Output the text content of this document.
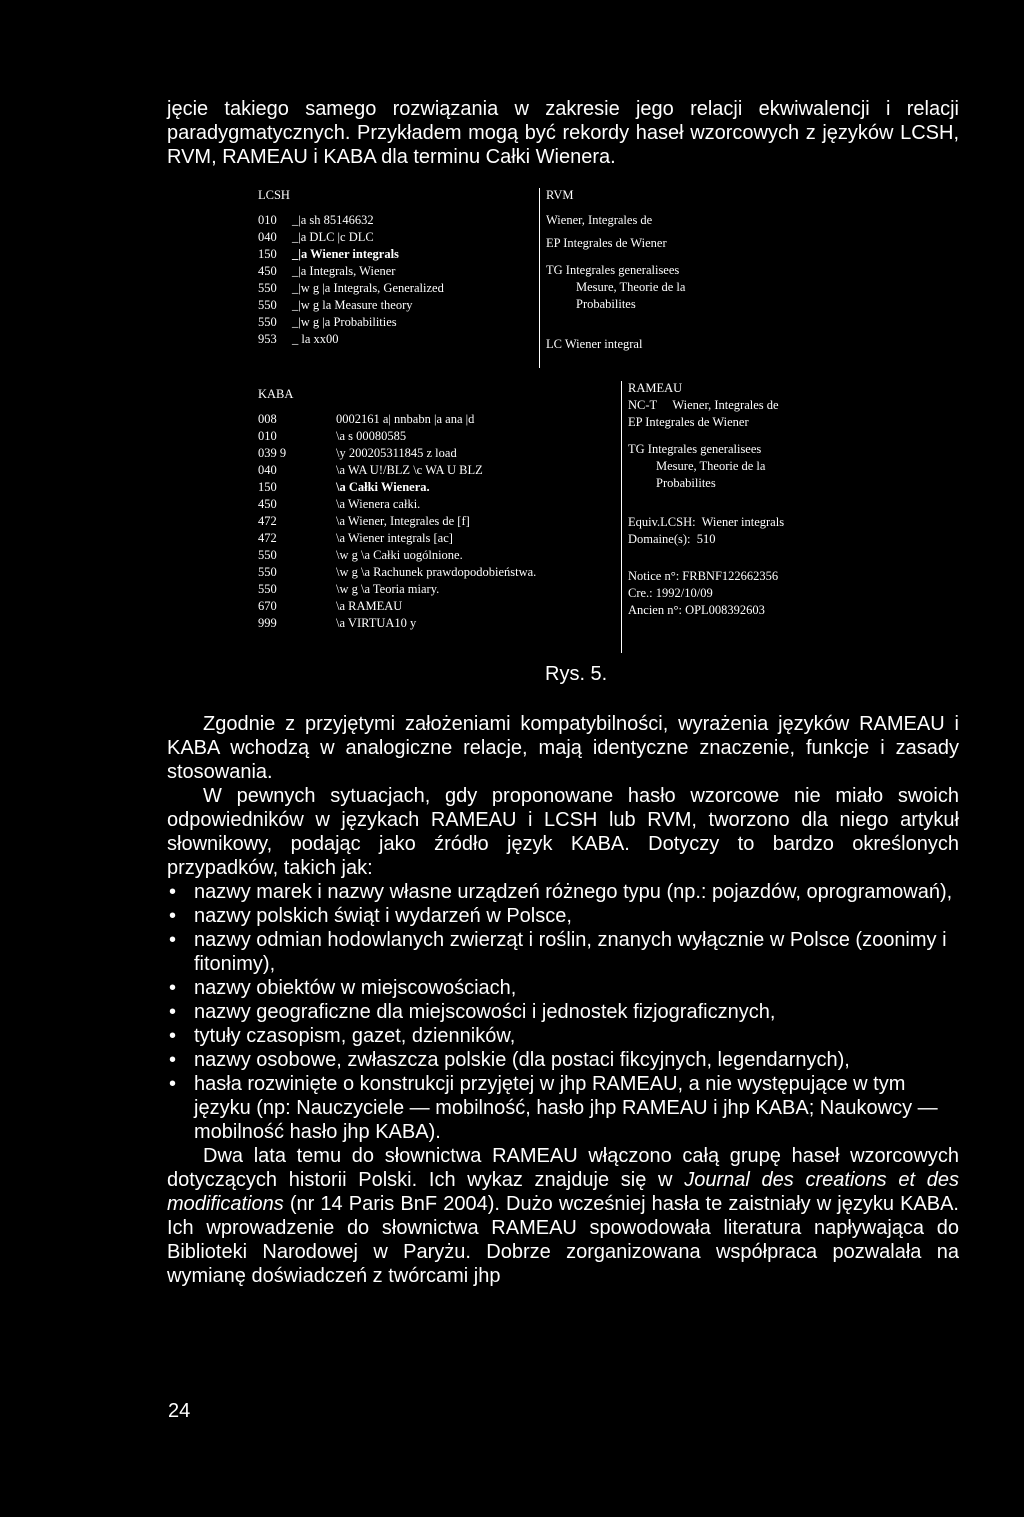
jęcie takiego samego rozwiązania w zakresie jego relacji ekwiwalencji i relacji paradygmatycznych. Przykładem mogą być rekordy haseł wzorcowych z języków LCSH, RVM, RAMEAU i KABA dla terminu Całki Wienera.

LCSH
010	_|a sh 85146632
040	_|a DLC |c DLC
150	_|a Wiener integrals
450	_|a Integrals, Wiener
550	_|w g |a Integrals, Generalized
550	_|w g la Measure theory
550	_|w g |a Probabilities
953	_ la xx00
RVM
Wiener, Integrales de
EP Integrales de Wiener
TG Integrales generalisees
Mesure, Theorie de la
Probabilites
LC Wiener integral
KABA
008	0002161 a| nnbabn |a ana |d
010	\a s 00080585
039 9	\y 200205311845 z load
040	\a WA U!/BLZ \c WA U BLZ
150	\a Całki Wienera.
450	\a Wienera całki.
472	\a Wiener, Integrales de [f]
472	\a Wiener integrals [ac]
550	\w g \a Całki uogólnione.
550	\w g \a Rachunek prawdopodobieństwa.
550	\w g \a Teoria miary.
670	\a RAMEAU
999	\a VIRTUA10 y
RAMEAU
NC-T     Wiener, Integrales de
EP Integrales de Wiener
TG Integrales generalisees
Mesure, Theorie de la
Probabilites
Equiv.LCSH:  Wiener integrals
Domaine(s):  510
Notice n°: FRBNF122662356
Cre.: 1992/10/09
Ancien n°: OPL008392603
Rys. 5.

Zgodnie z przyjętymi założeniami kompatybilności, wyrażenia języków RAMEAU i KABA wchodzą w analogiczne relacje, mają identyczne znaczenie, funkcje i zasady stosowania.

W pewnych sytuacjach, gdy proponowane hasło wzorcowe nie miało swoich odpowiedników w językach RAMEAU i LCSH lub RVM, tworzono dla niego artykuł słownikowy, podając jako źródło język KABA. Dotyczy to bardzo określonych przypadków, takich jak:

• nazwy marek i nazwy własne urządzeń różnego typu (np.: pojazdów, oprogramowań),
• nazwy polskich świąt i wydarzeń w Polsce,
• nazwy odmian hodowlanych zwierząt i roślin, znanych wyłącznie w Polsce (zoonimy i fitonimy),
• nazwy obiektów w miejscowościach,
• nazwy geograficzne dla miejscowości i jednostek fizjograficznych,
• tytuły czasopism, gazet, dzienników,
• nazwy osobowe, zwłaszcza polskie (dla postaci fikcyjnych, legendarnych),
• hasła rozwinięte o konstrukcji przyjętej w jhp RAMEAU, a nie występujące w tym języku (np: Nauczyciele — mobilność, hasło jhp RAMEAU i jhp KABA; Naukowcy — mobilność hasło jhp KABA).

Dwa lata temu do słownictwa RAMEAU włączono całą grupę haseł wzorcowych dotyczących historii Polski. Ich wykaz znajduje się w Journal des creations et des modifications (nr 14 Paris BnF 2004). Dużo wcześniej hasła te zaistniały w języku KABA. Ich wprowadzenie do słownictwa RAMEAU spowodowała literatura napływająca do Biblioteki Narodowej w Paryżu. Dobrze zorganizowana współpraca pozwalała na wymianę doświadczeń z twórcami jhp

24
